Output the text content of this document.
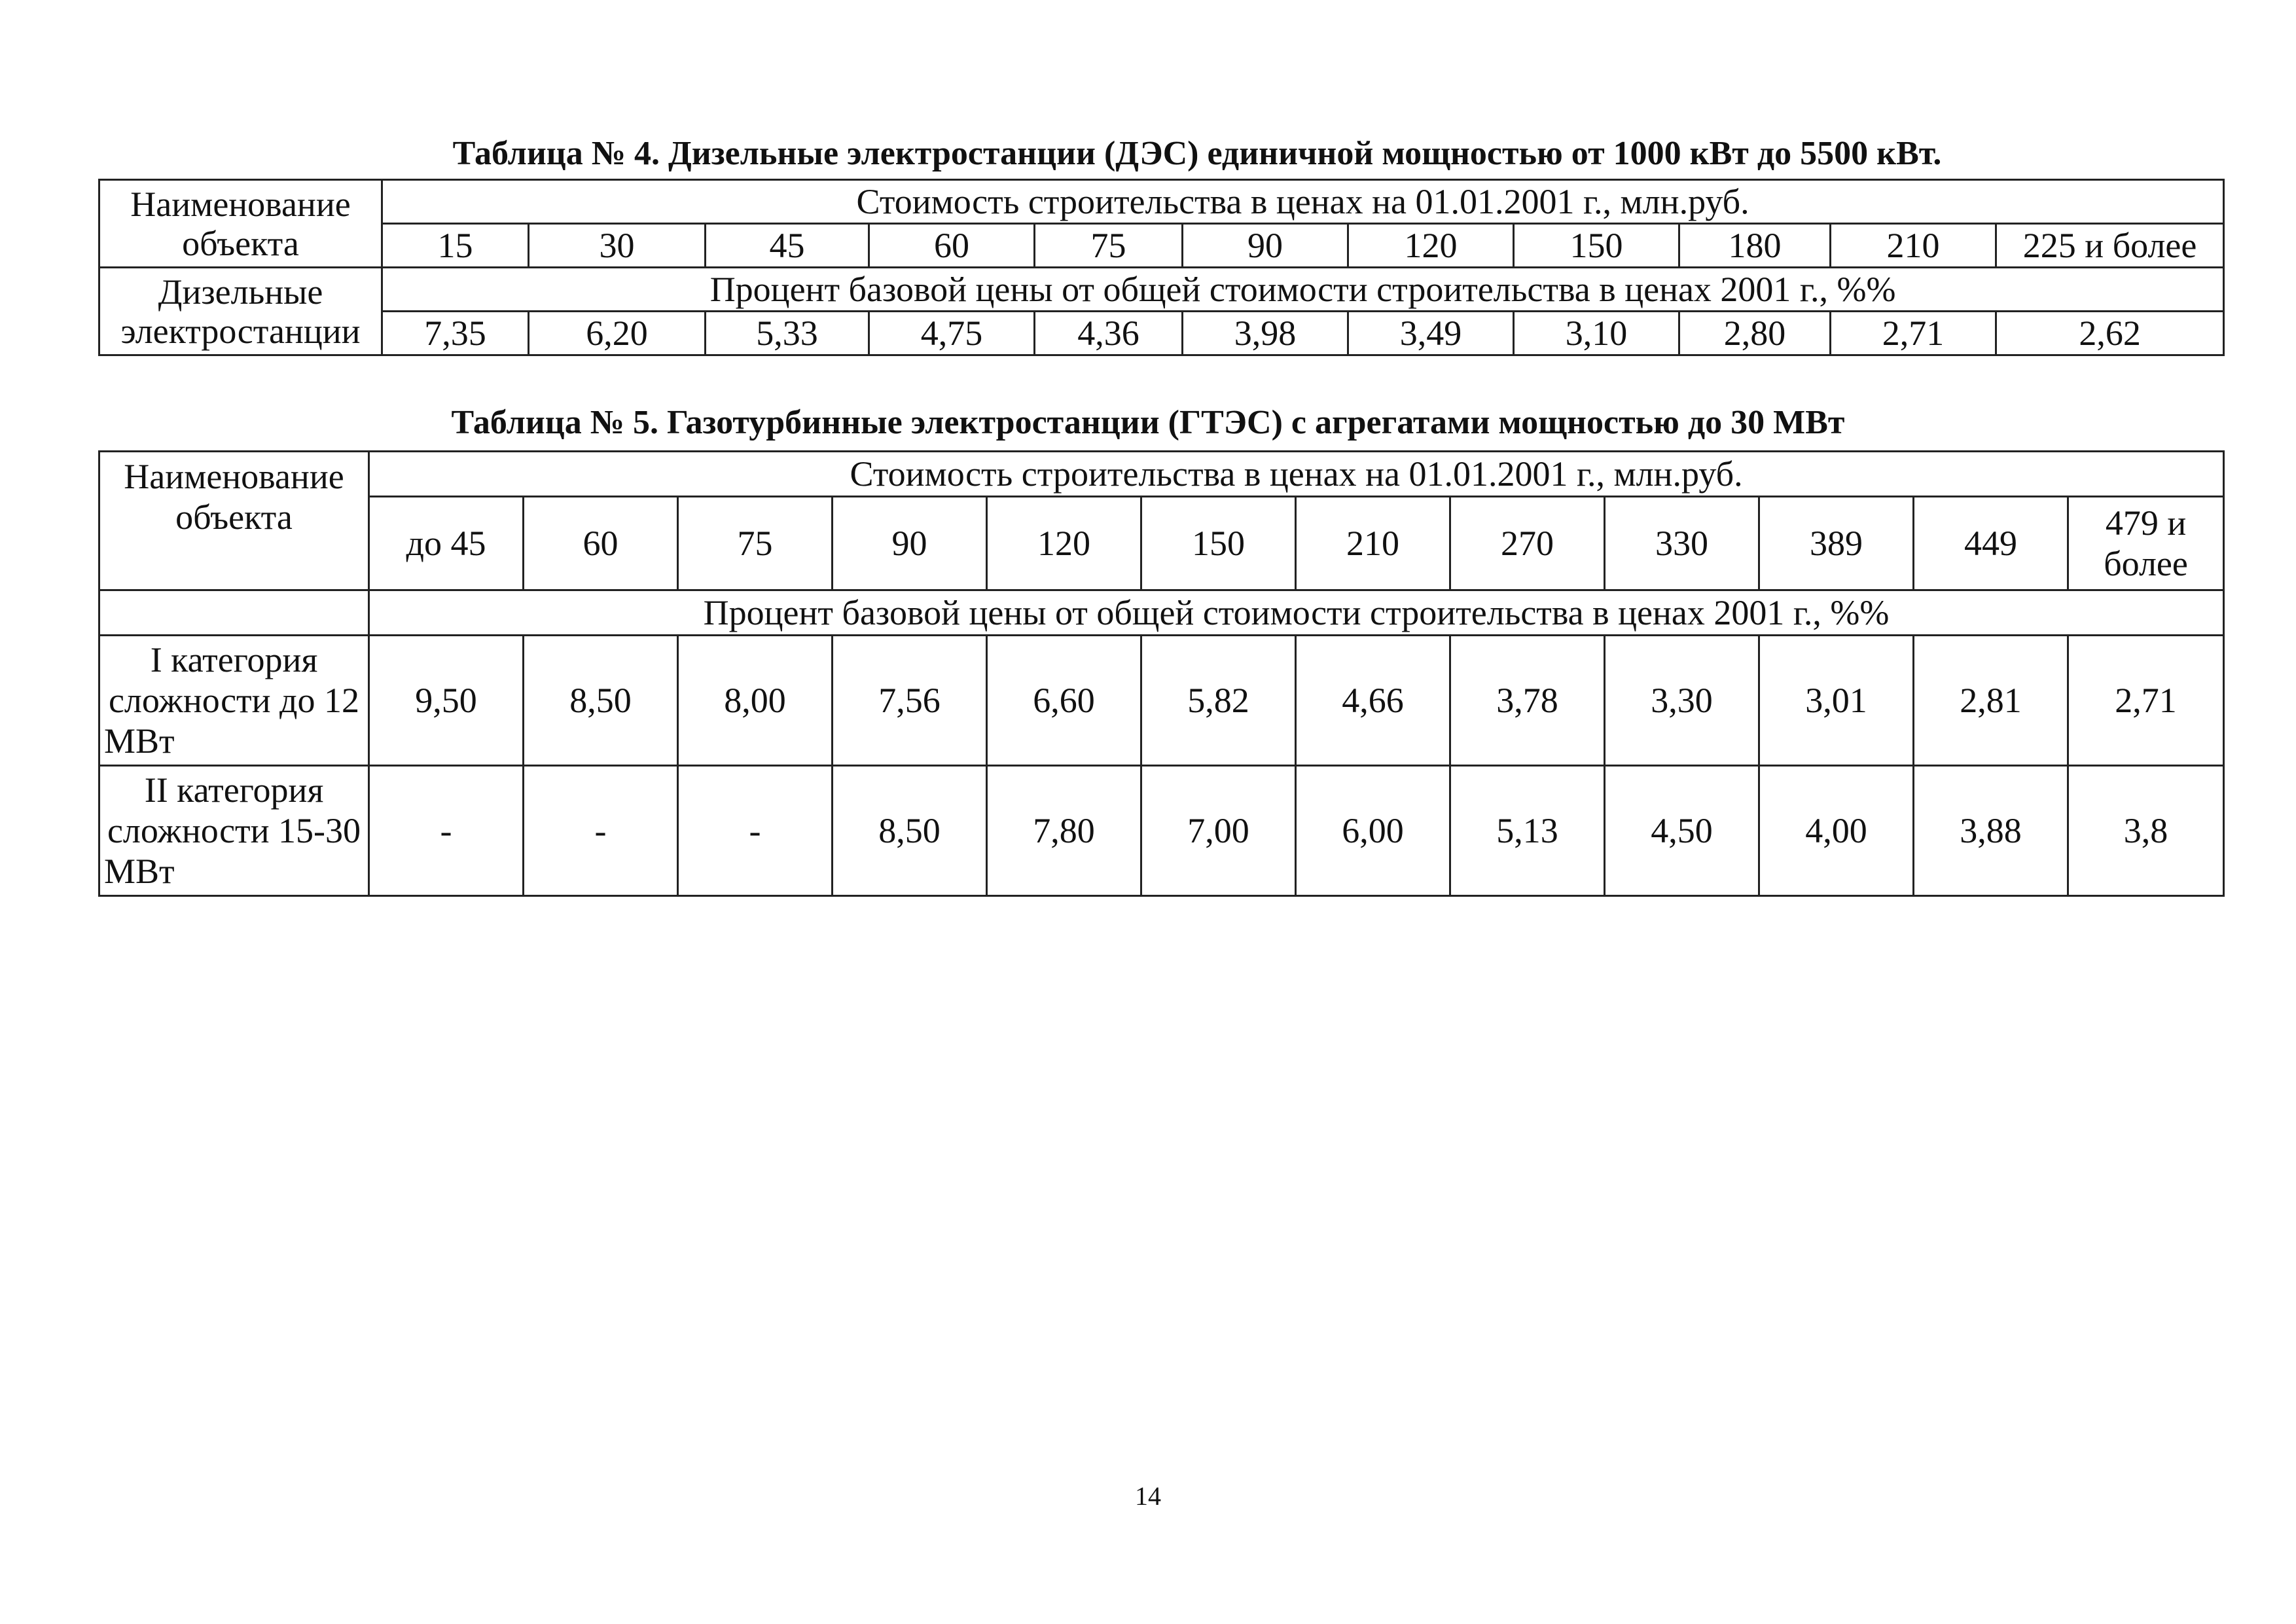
Таблица № 4. Дизельные электростанции (ДЭС) единичной мощностью от 1000 кВт до 5500 кВт.
Наименование объекта	Стоимость строительства в ценах на 01.01.2001 г., млн.руб.										
	15	30	45	60	75	90	120	150	180	210	225 и более
Дизельные электростанции	Процент базовой цены от общей стоимости строительства в ценах 2001 г., %%										
	7,35	6,20	5,33	4,75	4,36	3,98	3,49	3,10	2,80	2,71	2,62
Таблица № 5. Газотурбинные электростанции (ГТЭС) с агрегатами мощностью до 30 МВт
Наименование объекта	Стоимость строительства в ценах на 01.01.2001 г., млн.руб.											
	до 45	60	75	90	120	150	210	270	330	389	449	479 и более
	Процент базовой цены от общей стоимости строительства в ценах 2001 г., %%											
I категория сложности до 12 МВт	9,50	8,50	8,00	7,56	6,60	5,82	4,66	3,78	3,30	3,01	2,81	2,71
II категория сложности 15-30 МВт	-	-	-	8,50	7,80	7,00	6,00	5,13	4,50	4,00	3,88	3,8
14
